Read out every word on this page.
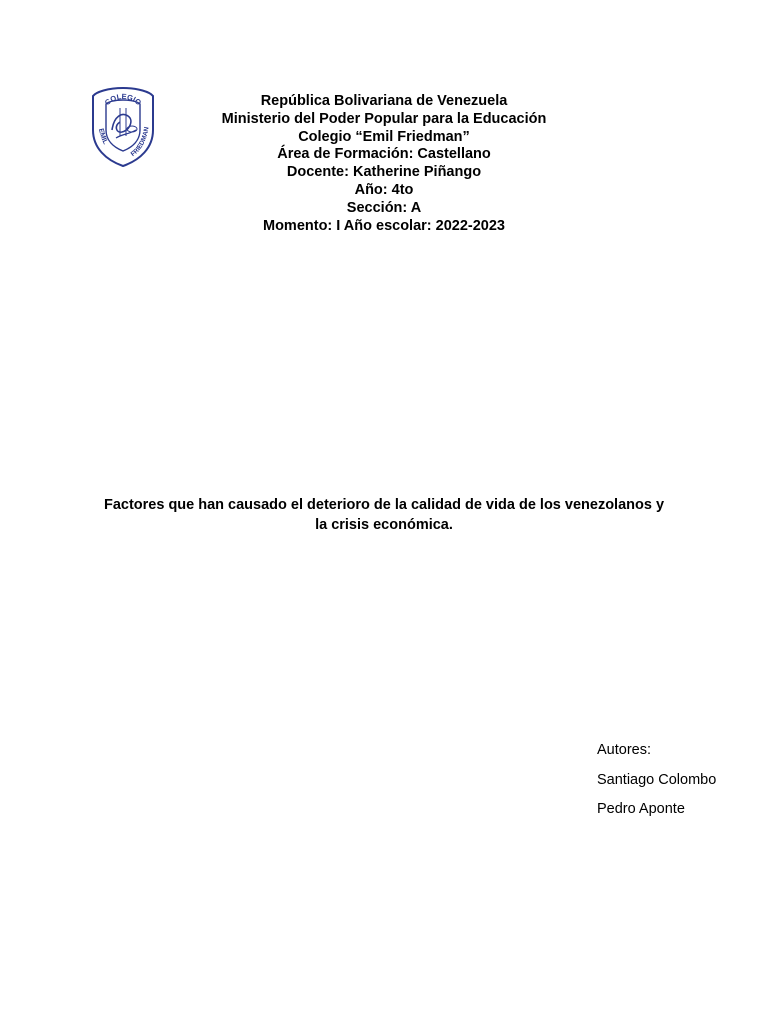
COLEGIO
EMIL
FRIEDMAN
República Bolivariana de Venezuela
Ministerio del Poder Popular para la Educación
Colegio “Emil Friedman”
Área de Formación: Castellano
Docente: Katherine Piñango
Año: 4to
Sección: A
Momento: I Año escolar: 2022-2023
Factores que han causado el deterioro de la calidad de vida de los venezolanos y
la crisis económica.
Autores:
Santiago Colombo
Pedro Aponte
